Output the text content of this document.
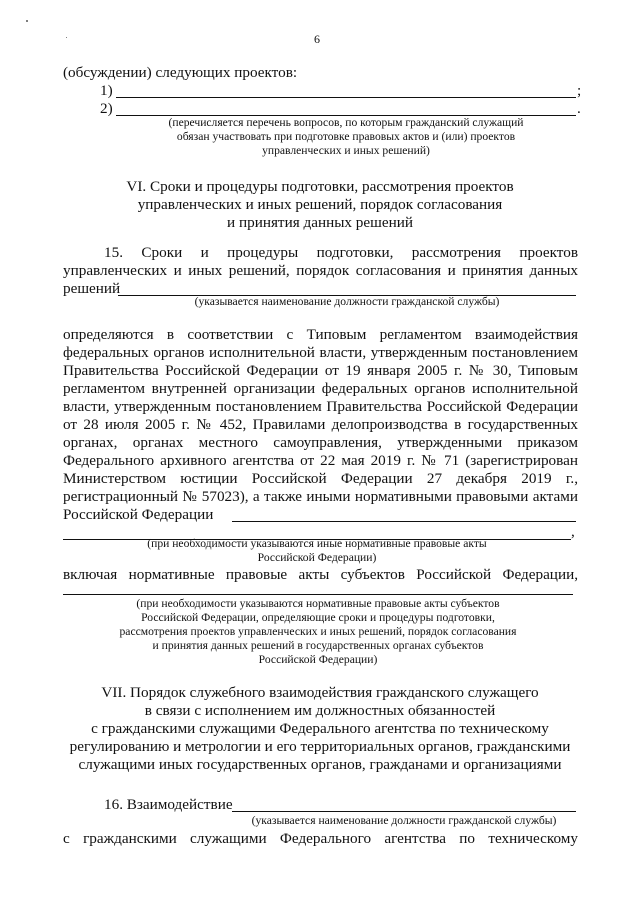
6
(обсуждении) следующих проектов:
1)	;
2)	.
(перечисляется перечень вопросов, по которым гражданский служащий
обязан участвовать при подготовке правовых актов и (или) проектов
управленческих и иных решений)
VI. Сроки и процедуры подготовки, рассмотрения проектов
управленческих и иных решений, порядок согласования
и принятия данных решений
15. Сроки и процедуры подготовки, рассмотрения проектов
управленческих и иных решений, порядок согласования и принятия данных
решений
(указывается наименование должности гражданской службы)
определяются в соответствии с Типовым регламентом взаимодействия
федеральных органов исполнительной власти, утвержденным постановлением
Правительства Российской Федерации от 19 января 2005 г. № 30, Типовым
регламентом внутренней организации федеральных органов исполнительной
власти, утвержденным постановлением Правительства Российской Федерации
от 28 июля 2005 г. № 452, Правилами делопроизводства в государственных
органах, органах местного самоуправления, утвержденными приказом
Федерального архивного агентства от 22 мая 2019 г. № 71 (зарегистрирован
Министерством юстиции Российской Федерации 27 декабря 2019 г.,
регистрационный № 57023), а также иными нормативными правовыми актами
Российской Федерации
,
(при необходимости указываются иные нормативные правовые акты
Российской Федерации)
включая нормативные правовые акты субъектов Российской Федерации,
(при необходимости указываются нормативные правовые акты субъектов
Российской Федерации, определяющие сроки и процедуры подготовки,
рассмотрения проектов управленческих и иных решений, порядок согласования
и принятия данных решений в государственных органах субъектов
Российской Федерации)
VII. Порядок служебного взаимодействия гражданского служащего
в связи с исполнением им должностных обязанностей
с гражданскими служащими Федерального агентства по техническому
регулированию и метрологии и его территориальных органов, гражданскими
служащими иных государственных органов, гражданами и организациями
16. Взаимодействие
(указывается наименование должности гражданской службы)
с гражданскими служащими Федерального агентства по техническому
